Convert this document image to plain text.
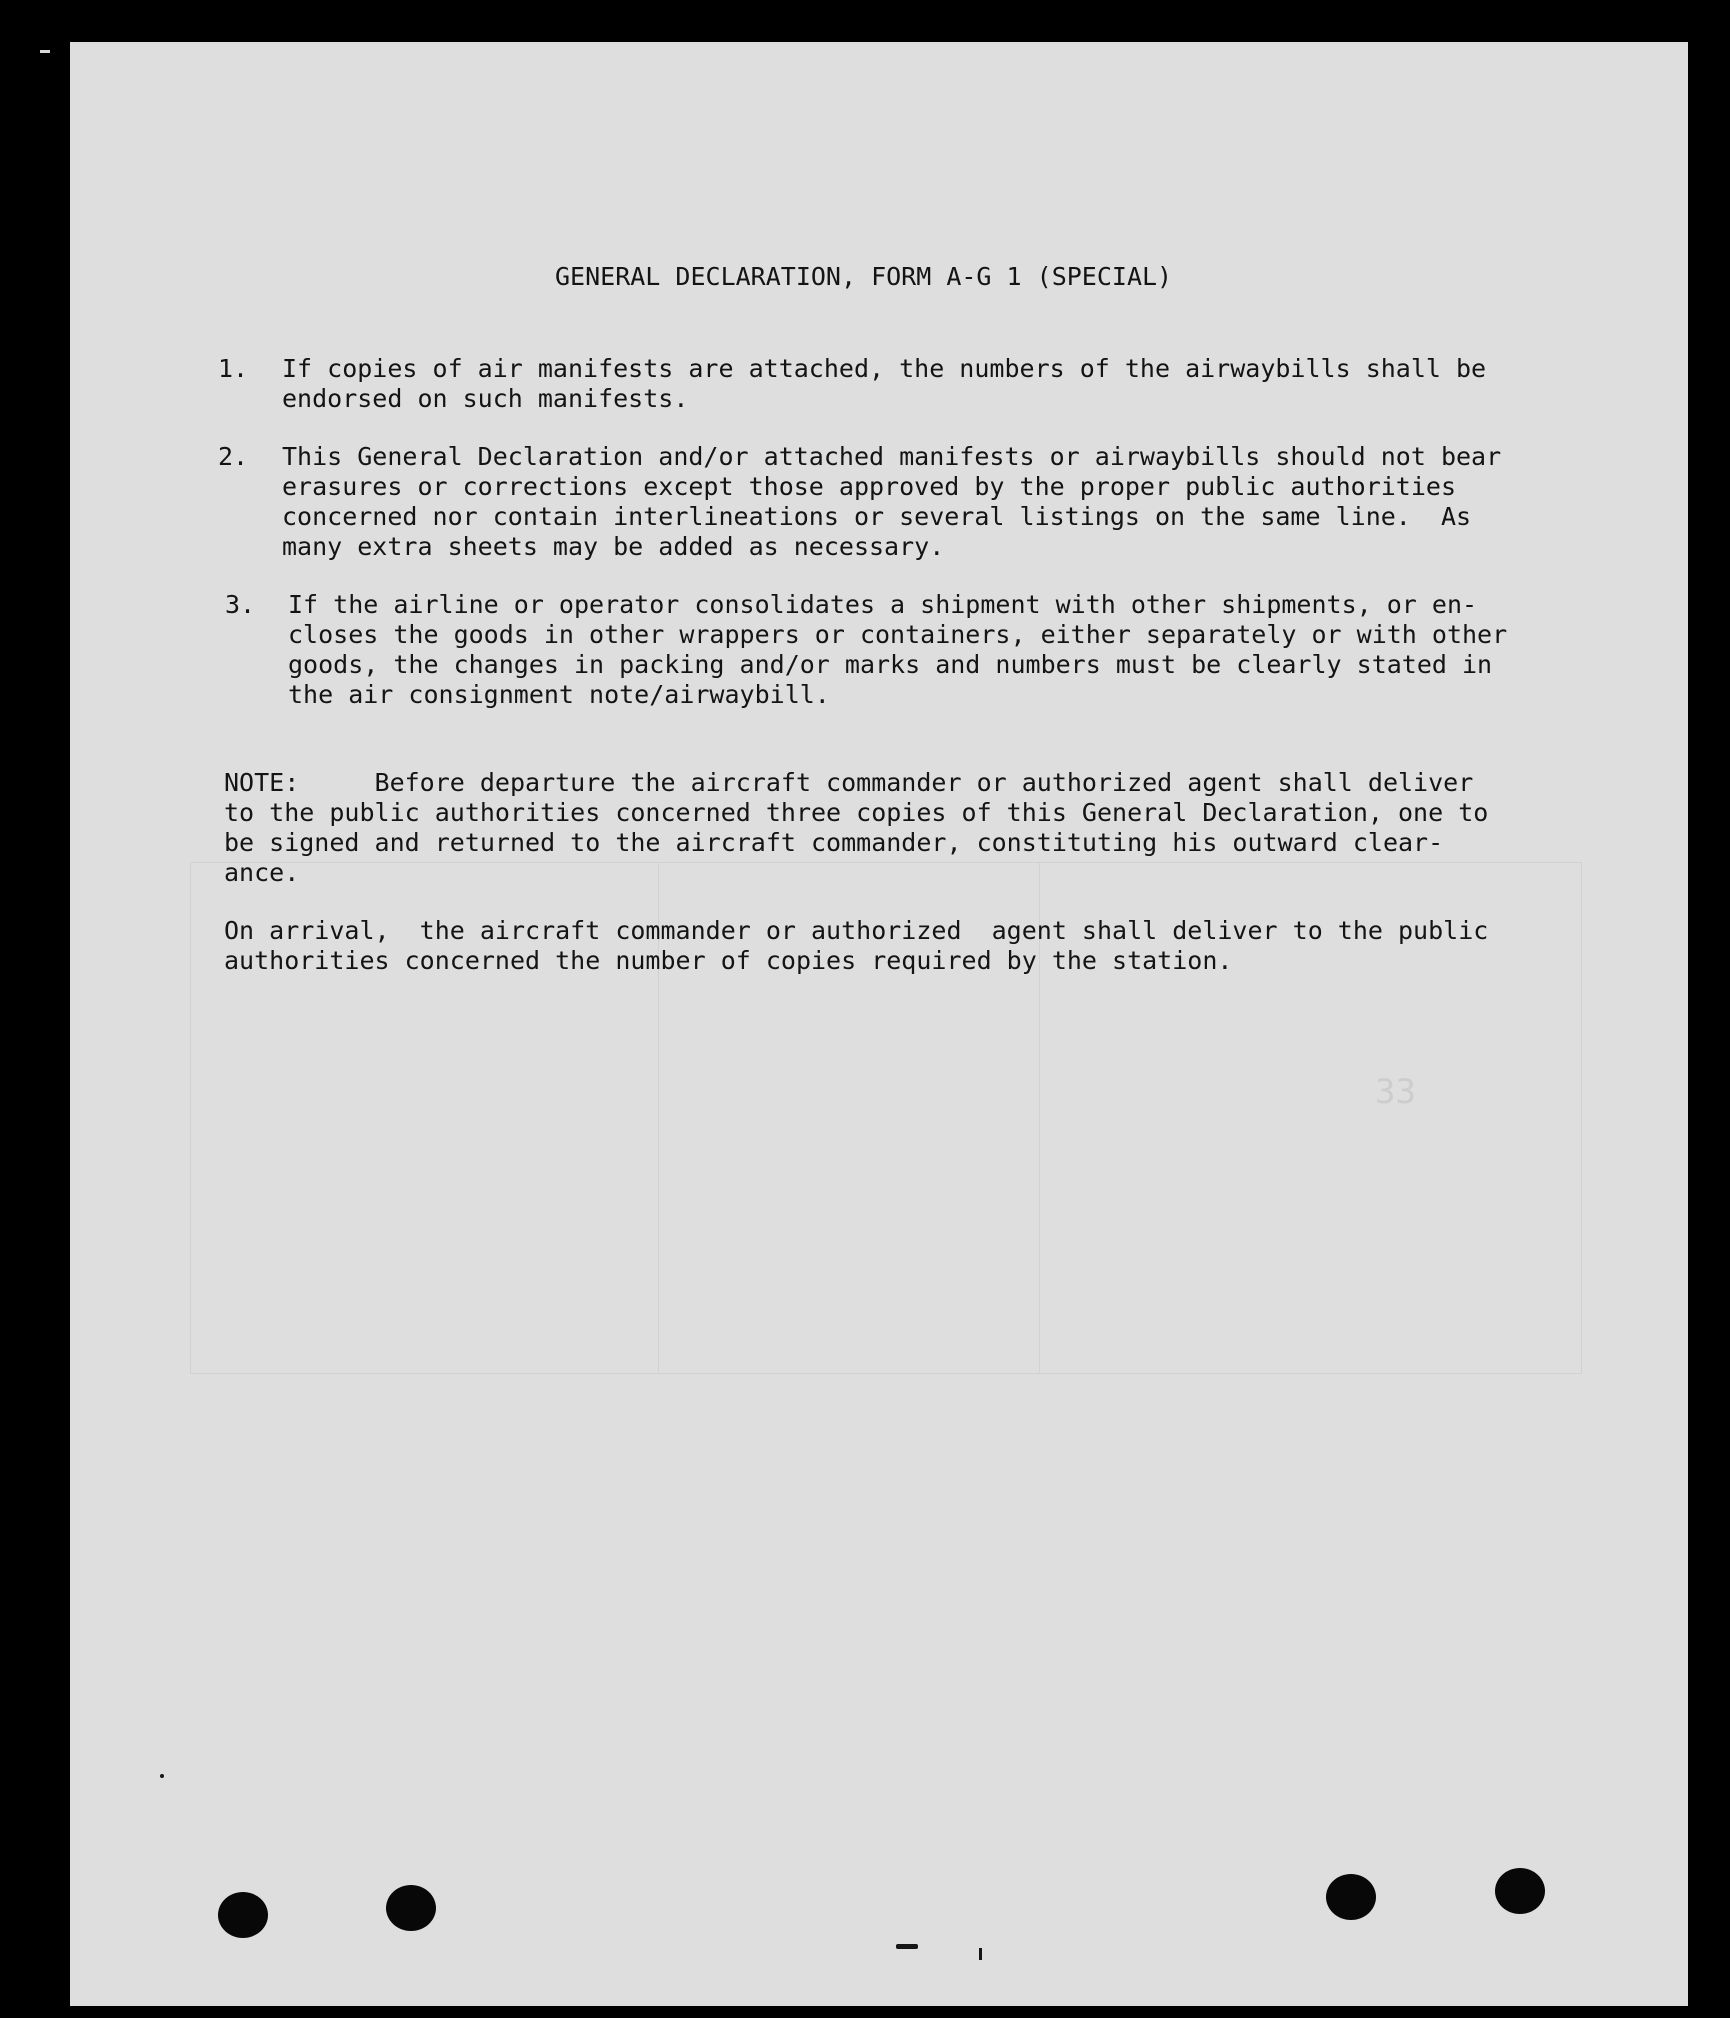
33
GENERAL DECLARATION, FORM A-G 1 (SPECIAL)
1. If copies of air manifests are attached, the numbers of the airwaybills shall be
endorsed on such manifests.
2. This General Declaration and/or attached manifests or airwaybills should not bear
erasures or corrections except those approved by the proper public authorities
concerned nor contain interlineations or several listings on the same line.  As
many extra sheets may be added as necessary.
3. If the airline or operator consolidates a shipment with other shipments, or en-
closes the goods in other wrappers or containers, either separately or with other
goods, the changes in packing and/or marks and numbers must be clearly stated in
the air consignment note/airwaybill.
NOTE:     Before departure the aircraft commander or authorized agent shall deliver
to the public authorities concerned three copies of this General Declaration, one to
be signed and returned to the aircraft commander, constituting his outward clear-
ance.
On arrival,  the aircraft commander or authorized  agent shall deliver to the public
authorities concerned the number of copies required by the station.
